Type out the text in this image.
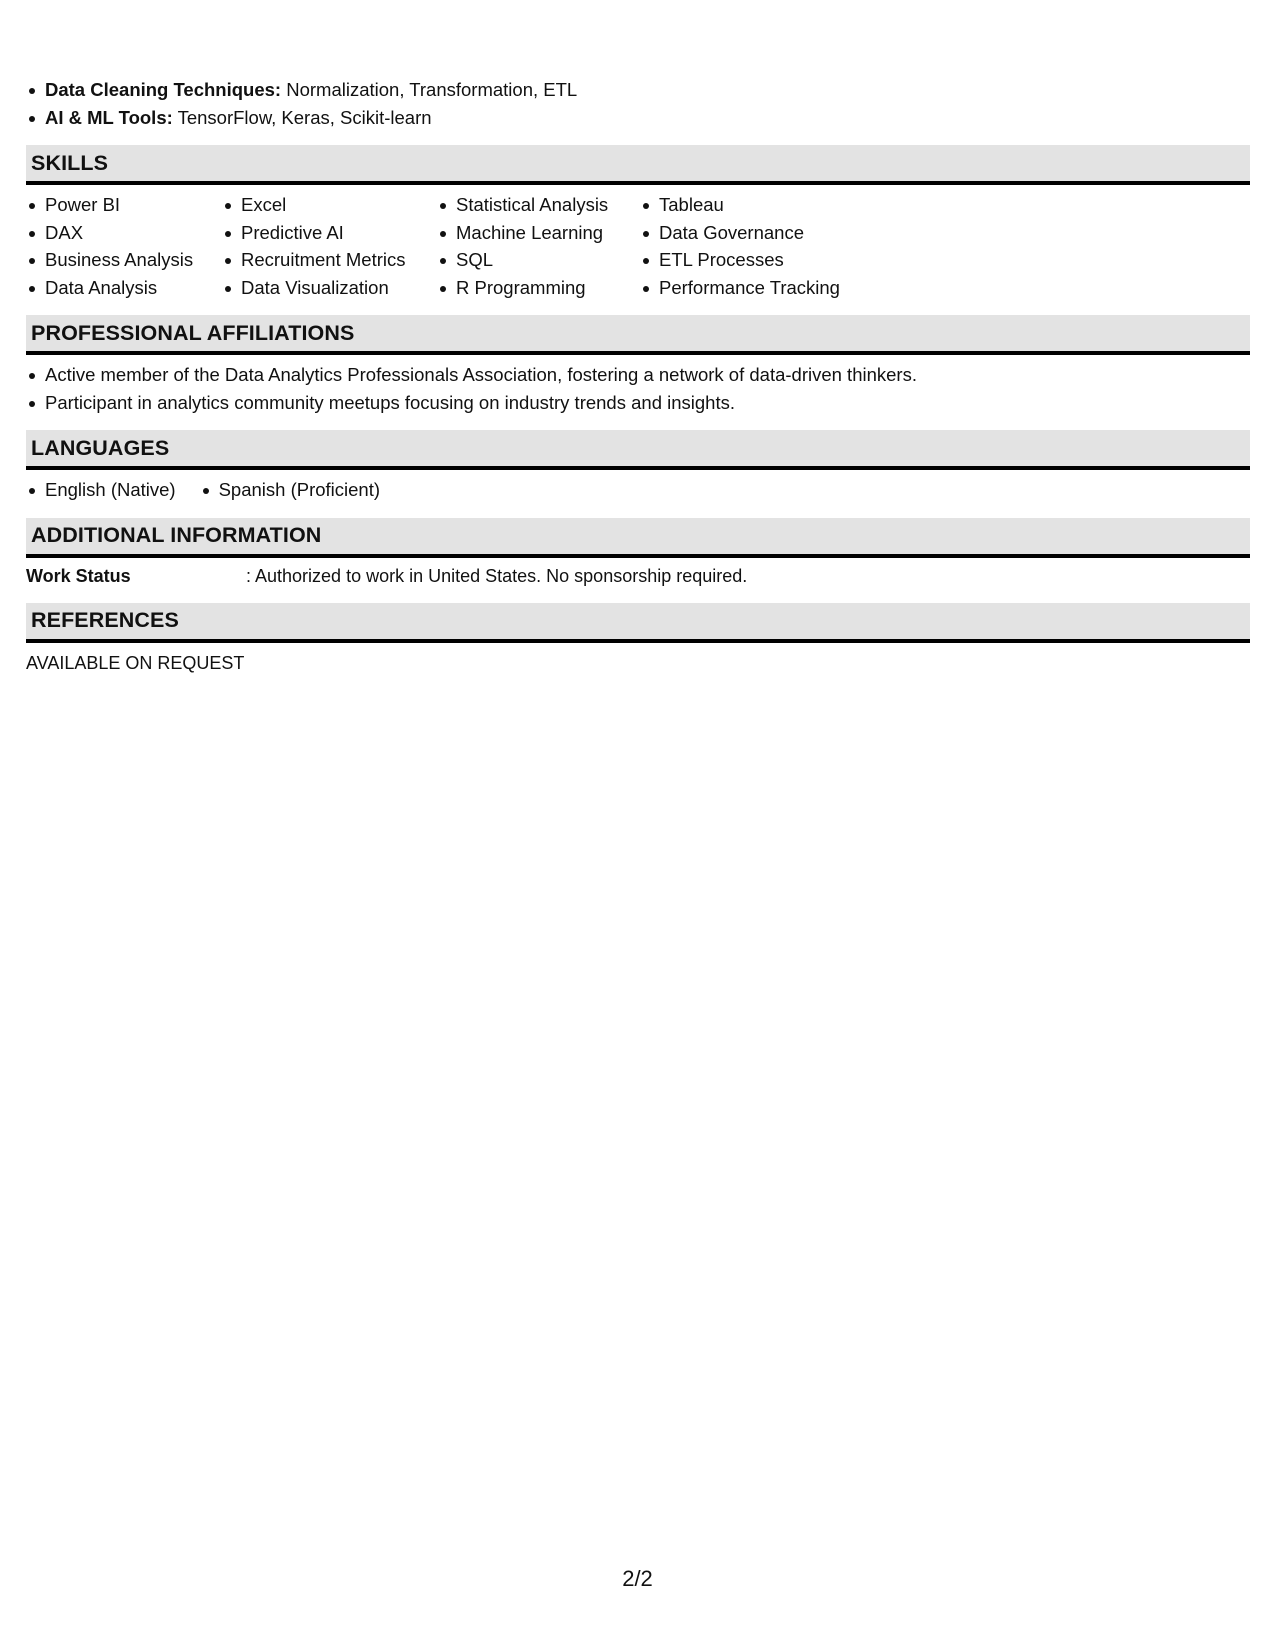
Data Cleaning Techniques: Normalization, Transformation, ETL
AI & ML Tools: TensorFlow, Keras, Scikit-learn
SKILLS
Power BI
DAX
Business Analysis
Data Analysis
Excel
Predictive AI
Recruitment Metrics
Data Visualization
Statistical Analysis
Machine Learning
SQL
R Programming
Tableau
Data Governance
ETL Processes
Performance Tracking
PROFESSIONAL AFFILIATIONS
Active member of the Data Analytics Professionals Association, fostering a network of data-driven thinkers.
Participant in analytics community meetups focusing on industry trends and insights.
LANGUAGES
English (Native)	Spanish (Proficient)
ADDITIONAL INFORMATION
Work Status	: Authorized to work in United States. No sponsorship required.
REFERENCES
AVAILABLE ON REQUEST
2/2
